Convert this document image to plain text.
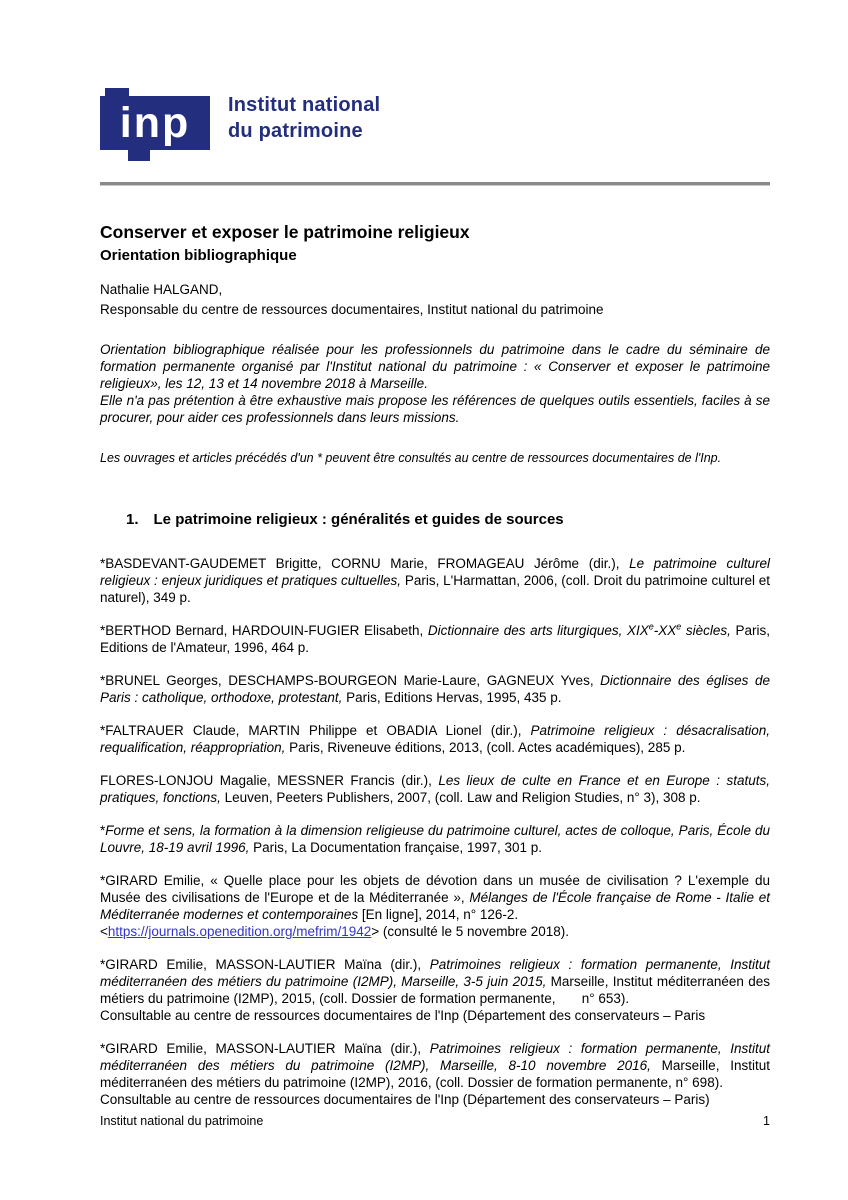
inp Institut national
du patrimoine
Conserver et exposer le patrimoine religieux
Orientation bibliographique
Nathalie HALGAND,
Responsable du centre de ressources documentaires, Institut national du patrimoine

Orientation bibliographique réalisée pour les professionnels du patrimoine dans le cadre du séminaire de formation permanente organisé par l'Institut national du patrimoine : « Conserver et exposer le patrimoine religieux», les 12, 13 et 14 novembre 2018 à Marseille.

Elle n'a pas prétention à être exhaustive mais propose les références de quelques outils essentiels, faciles à se procurer, pour aider ces professionnels dans leurs missions.

Les ouvrages et articles précédés d'un * peuvent être consultés au centre de ressources documentaires de l'Inp.

1. Le patrimoine religieux : généralités et guides de sources

*BASDEVANT-GAUDEMET Brigitte, CORNU Marie, FROMAGEAU Jérôme (dir.), Le patrimoine culturel religieux : enjeux juridiques et pratiques cultuelles, Paris, L'Harmattan, 2006, (coll. Droit du patrimoine culturel et naturel), 349 p.

*BERTHOD Bernard, HARDOUIN-FUGIER Elisabeth, Dictionnaire des arts liturgiques, XIXe-XXe siècles, Paris, Editions de l'Amateur, 1996, 464 p.

*BRUNEL Georges, DESCHAMPS-BOURGEON Marie-Laure, GAGNEUX Yves, Dictionnaire des églises de Paris : catholique, orthodoxe, protestant, Paris, Editions Hervas, 1995, 435 p.

*FALTRAUER Claude, MARTIN Philippe et OBADIA Lionel (dir.), Patrimoine religieux : désacralisation, requalification, réappropriation, Paris, Riveneuve éditions, 2013, (coll. Actes académiques), 285 p.

FLORES-LONJOU Magalie, MESSNER Francis (dir.), Les lieux de culte en France et en Europe : statuts, pratiques, fonctions, Leuven, Peeters Publishers, 2007, (coll. Law and Religion Studies, n° 3), 308 p.

*Forme et sens, la formation à la dimension religieuse du patrimoine culturel, actes de colloque, Paris, École du Louvre, 18-19 avril 1996, Paris, La Documentation française, 1997, 301 p.

*GIRARD Emilie, « Quelle place pour les objets de dévotion dans un musée de civilisation ? L'exemple du Musée des civilisations de l'Europe et de la Méditerranée », Mélanges de l'École française de Rome - Italie et Méditerranée modernes et contemporaines [En ligne], 2014, n° 126-2.
<https://journals.openedition.org/mefrim/1942> (consulté le 5 novembre 2018).

*GIRARD Emilie, MASSON-LAUTIER Maïna (dir.), Patrimoines religieux : formation permanente, Institut méditerranéen des métiers du patrimoine (I2MP), Marseille, 3-5 juin 2015, Marseille, Institut méditerranéen des métiers du patrimoine (I2MP), 2015, (coll. Dossier de formation permanente,       n° 653).
Consultable au centre de ressources documentaires de l'Inp (Département des conservateurs – Paris

*GIRARD Emilie, MASSON-LAUTIER Maïna (dir.), Patrimoines religieux : formation permanente, Institut méditerranéen des métiers du patrimoine (I2MP), Marseille, 8-10 novembre 2016, Marseille, Institut méditerranéen des métiers du patrimoine (I2MP), 2016, (coll. Dossier de formation permanente, n° 698).
Consultable au centre de ressources documentaires de l'Inp (Département des conservateurs – Paris)

Institut national du patrimoine	1
